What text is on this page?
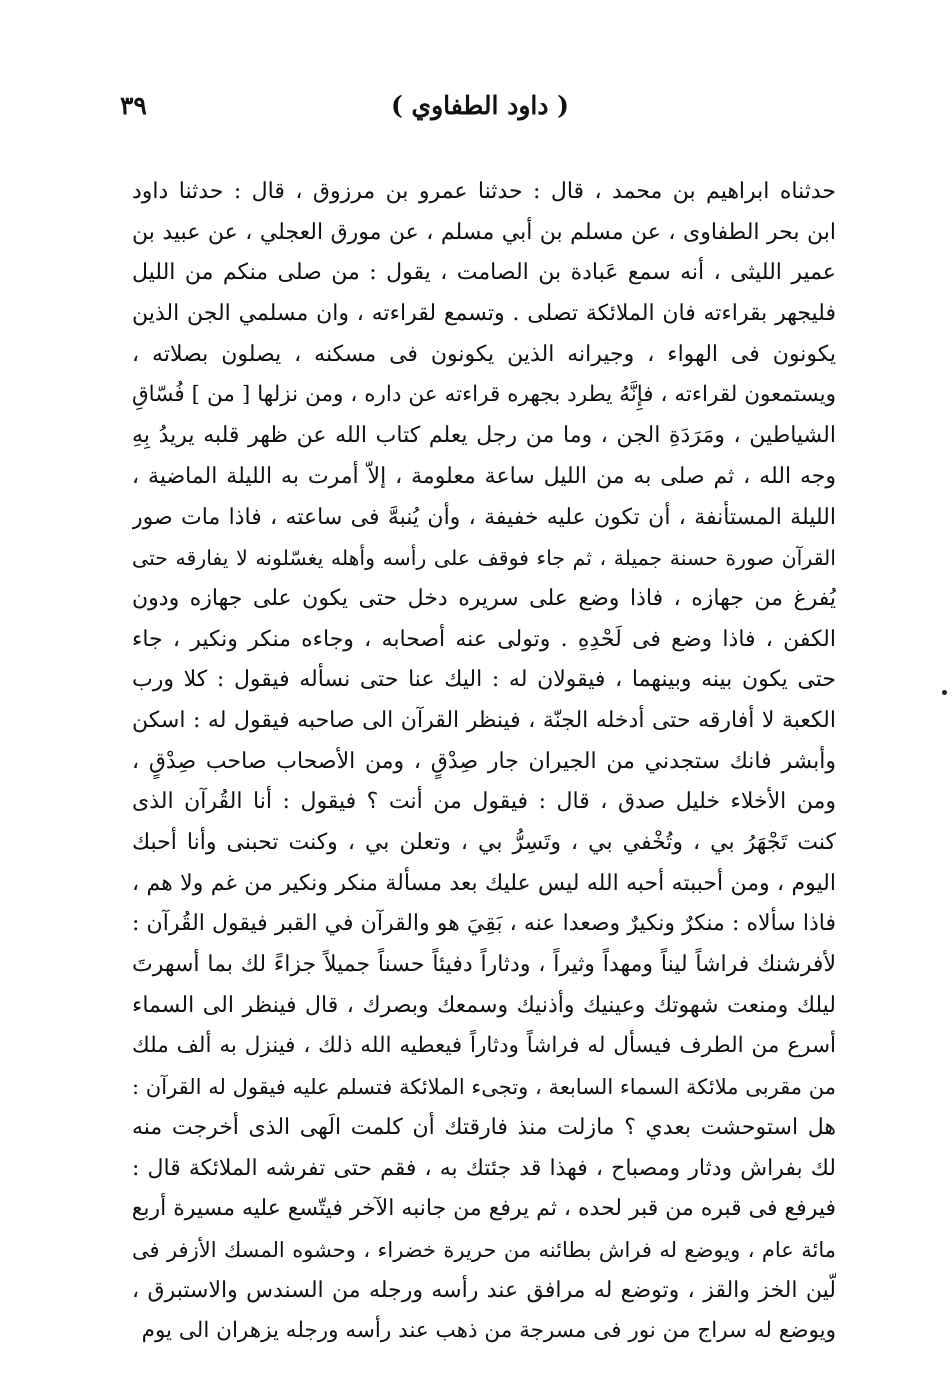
( داود الطفاوي )
٣٩
حدثناه ابراهيم بن محمد ، قال : حدثنا عمرو بن مرزوق ، قال : حدثنا داود
ابن بحر الطفاوى ، عن مسلم بن أبي مسلم ، عن مورق العجلي ، عن عبيد بن
عمير الليثى ، أنه سمع عَبادة بن الصامت ، يقول : من صلى منكم من الليل
فليجهر بقراءته فان الملائكة تصلى . وتسمع لقراءته ، وان مسلمي الجن الذين
يكونون فى الهواء ، وجيرانه الذين يكونون فى مسكنه ، يصلون بصلاته ،
ويستمعون لقراءته ، فإِنَّهُ يطرد بجهره قراءته عن داره ، ومن نزلها [ من ] فُسّاقِ
الشياطين ، ومَرَدَةِ الجن ، وما من رجل يعلم كتاب الله عن ظهر قلبه يريدُ بِهِ
وجه الله ، ثم صلى به من الليل ساعة معلومة ، إلاّ أمرت به الليلة الماضية ،
الليلة المستأنفة ، أن تكون عليه خفيفة ، وأن يُنبهَّ فى ساعته ، فاذا مات صور
القرآن صورة حسنة جميلة ، ثم جاء فوقف على رأسه وأهله يغسّلونه لا يفارقه حتى
يُفرغ من جهازه ، فاذا وضع على سريره دخل حتى يكون على جهازه ودون
الكفن ، فاذا وضع فى لَحْدِهِ . وتولى عنه أصحابه ، وجاءه منكر ونكير ، جاء
حتى يكون بينه وبينهما ، فيقولان له : اليك عنا حتى نسأله فيقول : كلا ورب
الكعبة لا أفارقه حتى أدخله الجنّة ، فينظر القرآن الى صاحبه فيقول له : اسكن
وأبشر فانك ستجدني من الجيران جار صِدْقٍ ، ومن الأصحاب صاحب صِدْقٍ ،
ومن الأخلاء خليل صدق ، قال : فيقول من أنت ؟ فيقول : أنا القُرآن الذى
كنت تَجْهَرُ بي ، وتُخْفي بي ، وتَسِرُّ بي ، وتعلن بي ، وكنت تحبنى وأنا أحبك
اليوم ، ومن أحببته أحبه الله ليس عليك بعد مسألة منكر ونكير من غم ولا هم ،
فاذا سألاه : منكرٌ ونكيرٌ وصعدا عنه ، بَقِيَ هو والقرآن في القبر فيقول القُرآن :
لأفرشنك فراشاً ليناً ومهداً وثيراً ، ودثاراً دفيئاً حسناً جميلاً جزاءً لك بما أسهرتَ
ليلك ومنعت شهوتك وعينيك وأذنيك وسمعك وبصرك ، قال فينظر الى السماء
أسرع من الطرف فيسأل له فراشاً ودثاراً فيعطيه الله ذلك ، فينزل به ألف ملك
من مقربى ملائكة السماء السابعة ، وتجىء الملائكة فتسلم عليه فيقول له القرآن :
هل استوحشت بعدي ؟ مازلت منذ فارقتك أن كلمت الَهى الذى أخرجت منه
لك بفراش ودثار ومصباح ، فهذا قد جئتك به ، فقم حتى تفرشه الملائكة قال :
فيرفع فى قبره من قبر لحده ، ثم يرفع من جانبه الآخر فيتّسع عليه مسيرة أربع
مائة عام ، ويوضع له فراش بطائنه من حريرة خضراء ، وحشوه المسك الأزفر فى
لّين الخز والقز ، وتوضع له مرافق عند رأسه ورجله من السندس والاستبرق ،
ويوضع له سراج من نور فى مسرجة من ذهب عند رأسه ورجله يزهران الى يوم
